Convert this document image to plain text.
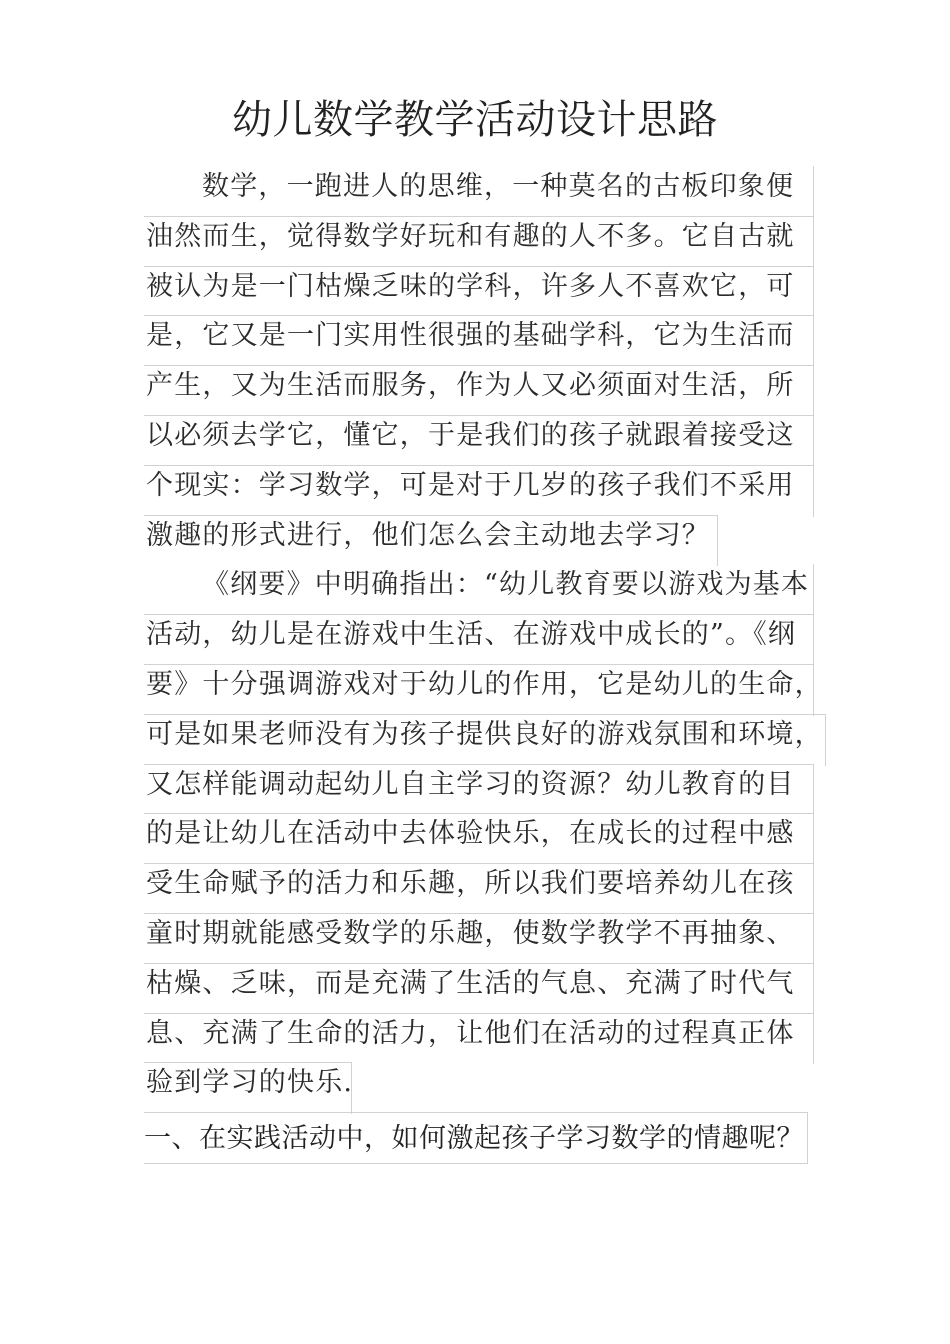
幼儿数学教学活动设计思路
数学，一跑进人的思维，一种莫名的古板印象便
油然而生，觉得数学好玩和有趣的人不多。它自古就
被认为是一门枯燥乏味的学科，许多人不喜欢它，可
是，它又是一门实用性很强的基础学科，它为生活而
产生，又为生活而服务，作为人又必须面对生活，所
以必须去学它，懂它，于是我们的孩子就跟着接受这
个现实：学习数学，可是对于几岁的孩子我们不采用
激趣的形式进行，他们怎么会主动地去学习？
《纲要》中明确指出：“幼儿教育要以游戏为基本
活动，幼儿是在游戏中生活、在游戏中成长的”。《纲
要》十分强调游戏对于幼儿的作用，它是幼儿的生命，
可是如果老师没有为孩子提供良好的游戏氛围和环境，
又怎样能调动起幼儿自主学习的资源？幼儿教育的目
的是让幼儿在活动中去体验快乐，在成长的过程中感
受生命赋予的活力和乐趣，所以我们要培养幼儿在孩
童时期就能感受数学的乐趣，使数学教学不再抽象、
枯燥、乏味，而是充满了生活的气息、充满了时代气
息、充满了生命的活力，让他们在活动的过程真正体
验到学习的快乐.
一、在实践活动中，如何激起孩子学习数学的情趣呢？
